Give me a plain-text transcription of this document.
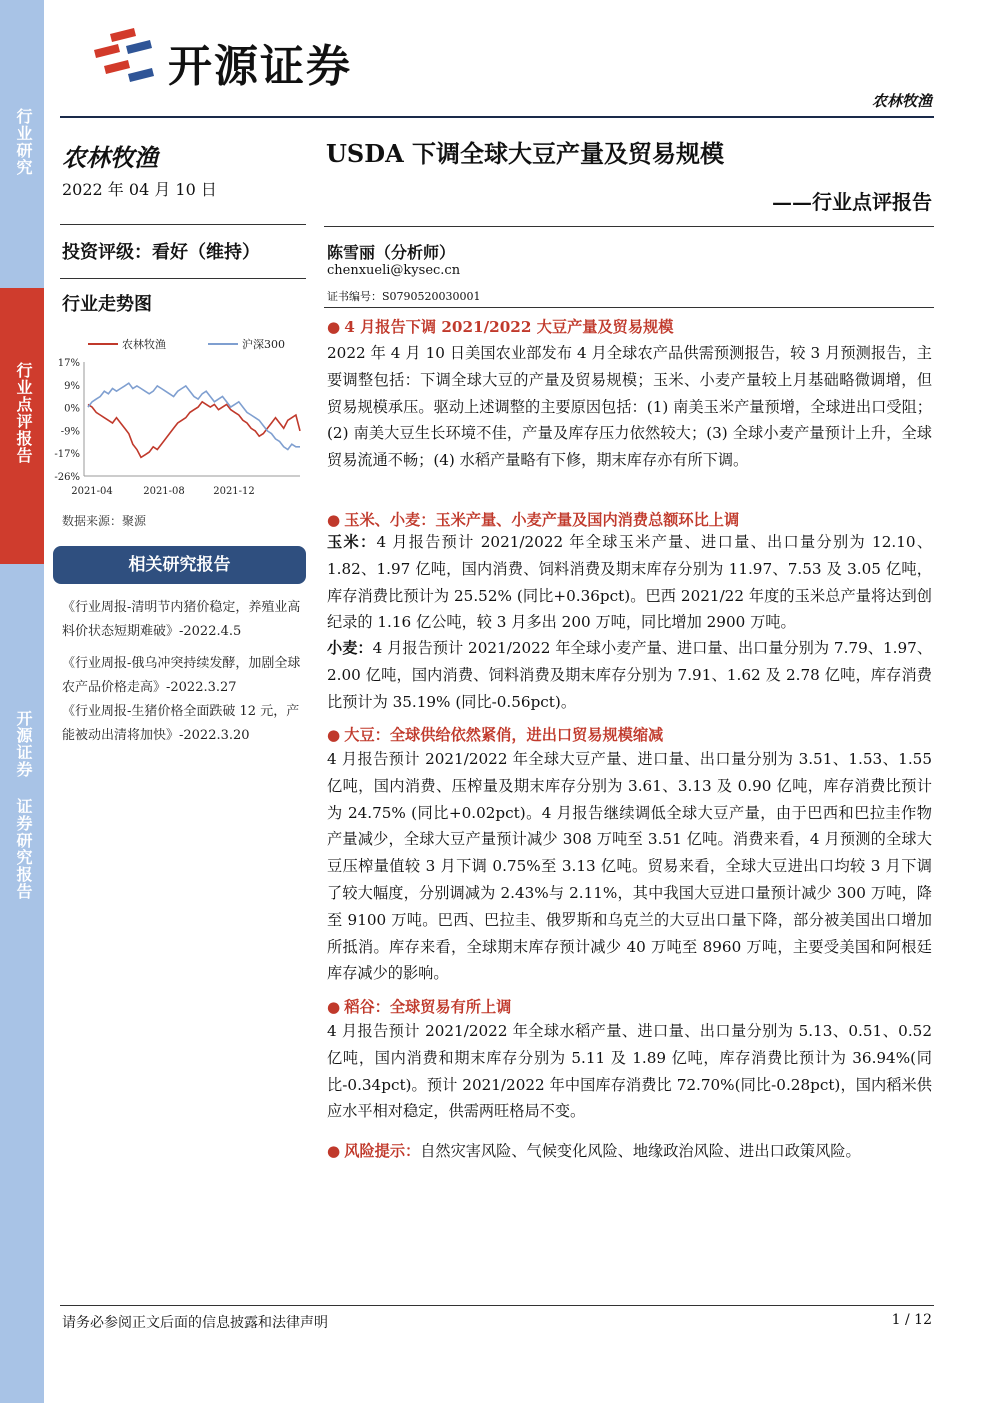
行业研究
行业点评报告
开源证券 证券研究报告
开源证券
农林牧渔
农林牧渔
2022 年 04 月 10 日
投资评级：看好（维持）
行业走势图
17%
9%
0%
-9%
-17%
-26%
2021-04	2021-08	2021-12
农林牧渔	沪深300
数据来源：聚源
相关研究报告
《行业周报-清明节内猪价稳定，养殖业高料价状态短期难破》-2022.4.5
《行业周报-俄乌冲突持续发酵，加剧全球农产品价格走高》-2022.3.27
《行业周报-生猪价格全面跌破 12 元，产能被动出清将加快》-2022.3.20
USDA 下调全球大豆产量及贸易规模
——行业点评报告
陈雪丽（分析师）
chenxueli@kysec.cn
证书编号：S0790520030001
● 4 月报告下调 2021/2022 大豆产量及贸易规模
2022 年 4 月 10 日美国农业部发布 4 月全球农产品供需预测报告，较 3 月预测报告，主要调整包括：下调全球大豆的产量及贸易规模；玉米、小麦产量较上月基础略微调增，但贸易规模承压。驱动上述调整的主要原因包括：(1) 南美玉米产量预增，全球进出口受阻；(2) 南美大豆生长环境不佳，产量及库存压力依然较大；(3) 全球小麦产量预计上升，全球贸易流通不畅；(4) 水稻产量略有下修，期末库存亦有所下调。
● 玉米、小麦：玉米产量、小麦产量及国内消费总额环比上调
玉米：4 月报告预计 2021/2022 年全球玉米产量、进口量、出口量分别为 12.10、1.82、1.97 亿吨，国内消费、饲料消费及期末库存分别为 11.97、7.53 及 3.05 亿吨，库存消费比预计为 25.52% (同比+0.36pct)。巴西 2021/22 年度的玉米总产量将达到创纪录的 1.16 亿公吨，较 3 月多出 200 万吨，同比增加 2900 万吨。
小麦：4 月报告预计 2021/2022 年全球小麦产量、进口量、出口量分别为 7.79、1.97、2.00 亿吨，国内消费、饲料消费及期末库存分别为 7.91、1.62 及 2.78 亿吨，库存消费比预计为 35.19% (同比-0.56pct)。
● 大豆：全球供给依然紧俏，进出口贸易规模缩减
4 月报告预计 2021/2022 年全球大豆产量、进口量、出口量分别为 3.51、1.53、1.55 亿吨，国内消费、压榨量及期末库存分别为 3.61、3.13 及 0.90 亿吨，库存消费比预计为 24.75% (同比+0.02pct)。4 月报告继续调低全球大豆产量，由于巴西和巴拉圭作物产量减少，全球大豆产量预计减少 308 万吨至 3.51 亿吨。消费来看，4 月预测的全球大豆压榨量值较 3 月下调 0.75%至 3.13 亿吨。贸易来看，全球大豆进出口均较 3 月下调了较大幅度，分别调减为 2.43%与 2.11%，其中我国大豆进口量预计减少 300 万吨，降至 9100 万吨。巴西、巴拉圭、俄罗斯和乌克兰的大豆出口量下降，部分被美国出口增加所抵消。库存来看，全球期末库存预计减少 40 万吨至 8960 万吨，主要受美国和阿根廷库存减少的影响。
● 稻谷：全球贸易有所上调
4 月报告预计 2021/2022 年全球水稻产量、进口量、出口量分别为 5.13、0.51、0.52 亿吨，国内消费和期末库存分别为 5.11 及 1.89 亿吨，库存消费比预计为 36.94%(同比-0.34pct)。预计 2021/2022 年中国库存消费比 72.70%(同比-0.28pct)，国内稻米供应水平相对稳定，供需两旺格局不变。
● 风险提示：自然灾害风险、气候变化风险、地缘政治风险、进出口政策风险。
请务必参阅正文后面的信息披露和法律声明	1 / 12
